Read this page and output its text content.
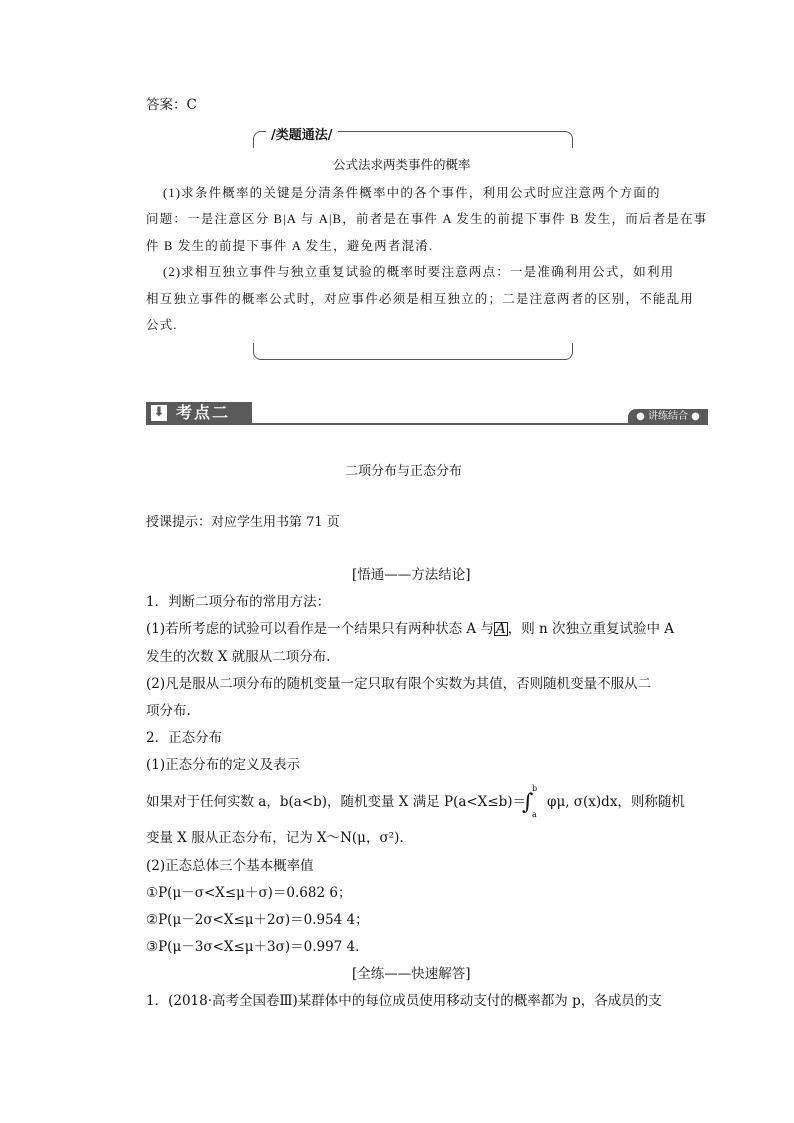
答案：C
/类题通法/
公式法求两类事件的概率
(1)求条件概率的关键是分清条件概率中的各个事件，利用公式时应注意两个方面的
问题：一是注意区分 B|A 与 A|B，前者是在事件 A 发生的前提下事件 B 发生，而后者是在事
件 B 发生的前提下事件 A 发生，避免两者混淆.
(2)求相互独立事件与独立重复试验的概率时要注意两点：一是准确利用公式，如利用
相互独立事件的概率公式时，对应事件必须是相互独立的；二是注意两者的区别，不能乱用
公式.
⬇ 考点二	● 讲练结合 ●
二项分布与正态分布
授课提示：对应学生用书第 71 页
[悟通——方法结论]
1．判断二项分布的常用方法：
(1)若所考虑的试验可以看作是一个结果只有两种状态 A 与 A ，则 n 次独立重复试验中 A
发生的次数 X 就服从二项分布.
(2)凡是服从二项分布的随机变量一定只取有限个实数为其值，否则随机变量不服从二
项分布.
2．正态分布
(1)正态分布的定义及表示
如果对于任何实数 a，b(a<b)，随机变量 X 满足 P(a<X≤b)＝
b
∫
a
φμ, σ(x)dx，则称随机
变量 X 服从正态分布，记为 X～N(μ，σ²).
(2)正态总体三个基本概率值
①P(μ－σ<X≤μ＋σ)＝0.682 6；
②P(μ－2σ<X≤μ＋2σ)＝0.954 4；
③P(μ－3σ<X≤μ＋3σ)＝0.997 4.
[全练——快速解答]
1．(2018·高考全国卷Ⅲ)某群体中的每位成员使用移动支付的概率都为 p，各成员的支
